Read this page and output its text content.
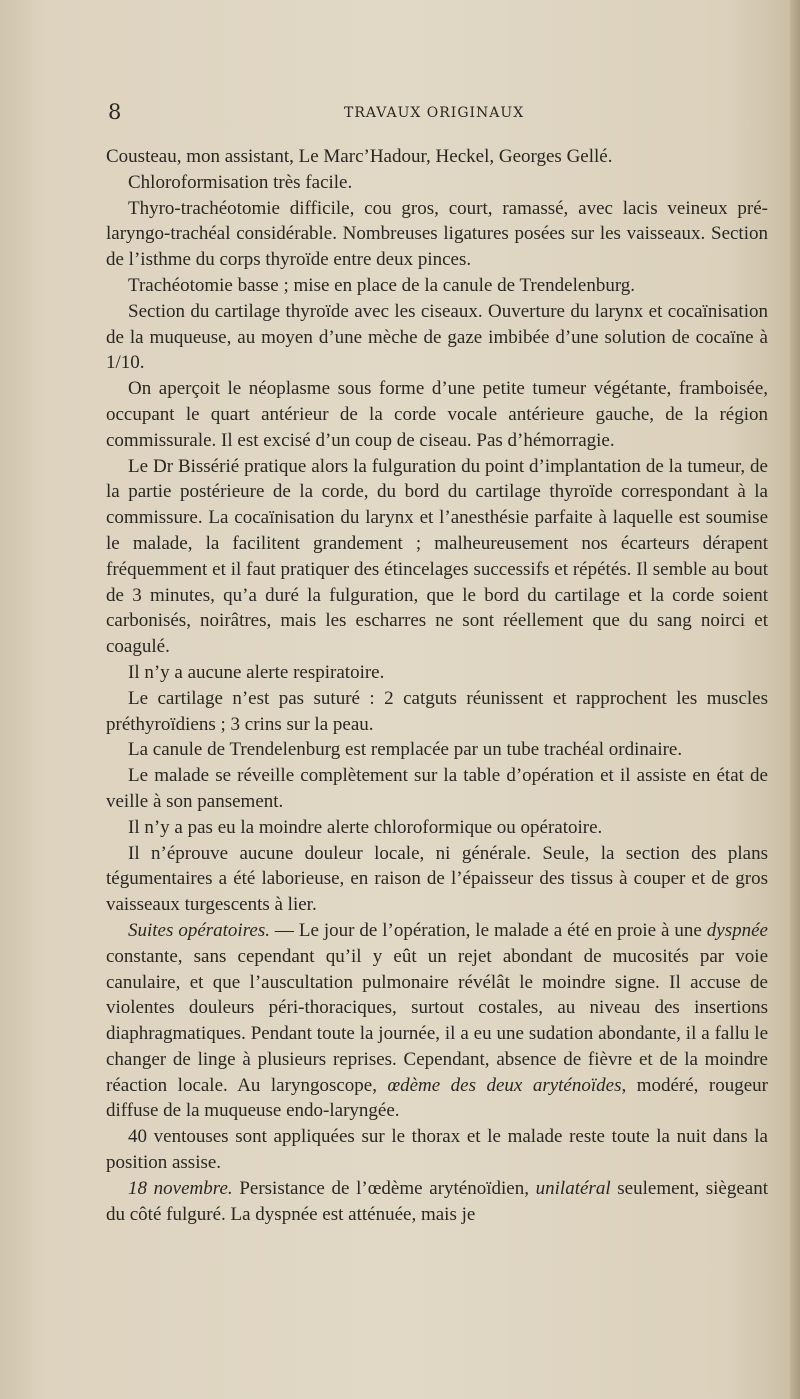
8	TRAVAUX ORIGINAUX

Cousteau, mon assistant, Le Marc’Hadour, Heckel, Georges Gellé.

Chloroformisation très facile.

Thyro-trachéotomie difficile, cou gros, court, ramassé, avec lacis veineux pré-laryngo-trachéal considérable. Nombreuses ligatures posées sur les vaisseaux. Section de l’isthme du corps thyroïde entre deux pinces.

Trachéotomie basse ; mise en place de la canule de Trendelenburg.

Section du cartilage thyroïde avec les ciseaux. Ouverture du larynx et cocaïnisation de la muqueuse, au moyen d’une mèche de gaze imbibée d’une solution de cocaïne à 1/10.

On aperçoit le néoplasme sous forme d’une petite tumeur végétante, framboisée, occupant le quart antérieur de la corde vocale antérieure gauche, de la région commissurale. Il est excisé d’un coup de ciseau. Pas d’hémorragie.

Le Dr Bissérié pratique alors la fulguration du point d’implantation de la tumeur, de la partie postérieure de la corde, du bord du cartilage thyroïde correspondant à la commissure. La cocaïnisation du larynx et l’anesthésie parfaite à laquelle est soumise le malade, la facilitent grandement ; malheureusement nos écarteurs dérapent fréquemment et il faut pratiquer des étincelages successifs et répétés. Il semble au bout de 3 minutes, qu’a duré la fulguration, que le bord du cartilage et la corde soient carbonisés, noirâtres, mais les escharres ne sont réellement que du sang noirci et coagulé.

Il n’y a aucune alerte respiratoire.

Le cartilage n’est pas suturé : 2 catguts réunissent et rapprochent les muscles préthyroïdiens ; 3 crins sur la peau.

La canule de Trendelenburg est remplacée par un tube trachéal ordinaire.

Le malade se réveille complètement sur la table d’opération et il assiste en état de veille à son pansement.

Il n’y a pas eu la moindre alerte chloroformique ou opératoire.

Il n’éprouve aucune douleur locale, ni générale. Seule, la section des plans tégumentaires a été laborieuse, en raison de l’épaisseur des tissus à couper et de gros vaisseaux turgescents à lier.

Suites opératoires. — Le jour de l’opération, le malade a été en proie à une dyspnée constante, sans cependant qu’il y eût un rejet abondant de mucosités par voie canulaire, et que l’auscultation pulmonaire révélât le moindre signe. Il accuse de violentes douleurs péri-thoraciques, surtout costales, au niveau des insertions diaphragmatiques. Pendant toute la journée, il a eu une sudation abondante, il a fallu le changer de linge à plusieurs reprises. Cependant, absence de fièvre et de la moindre réaction locale. Au laryngoscope, œdème des deux aryténoïdes, modéré, rougeur diffuse de la muqueuse endo-laryngée.

40 ventouses sont appliquées sur le thorax et le malade reste toute la nuit dans la position assise.

18 novembre. Persistance de l’œdème aryténoïdien, unilatéral seulement, siègeant du côté fulguré. La dyspnée est atténuée, mais je
